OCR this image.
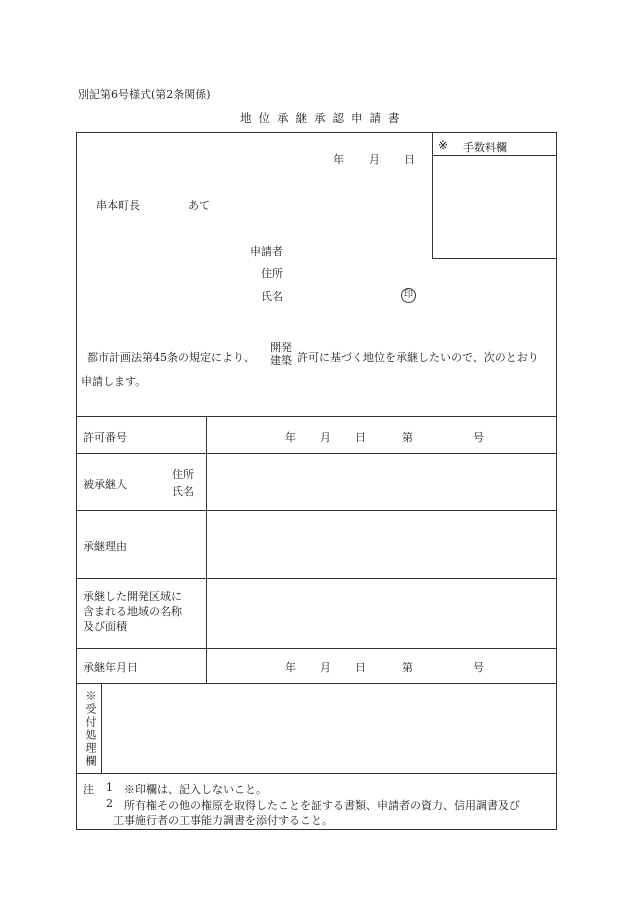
別記第6号様式(第2条関係)
地位承継承認申請書
※ 手数料欄
年 月 日
串本町長	あて
申請者
住所
氏名	印
都市計画法第45条の規定により、
開発
建築 許可に基づく地位を承継したいので、次のとおり
申請します。
許可番号	年 月 日	第	号
被承継人
住所
氏名
承継理由
承継した開発区域に
含まれる地域の名称
及び面積
承継年月日	年 月 日	第	号
※受付処理欄
注 1 ※印欄は、記入しないこと。
2 所有権その他の権原を取得したことを証する書類、申請者の資力、信用調書及び
工事施行者の工事能力調書を添付すること。
